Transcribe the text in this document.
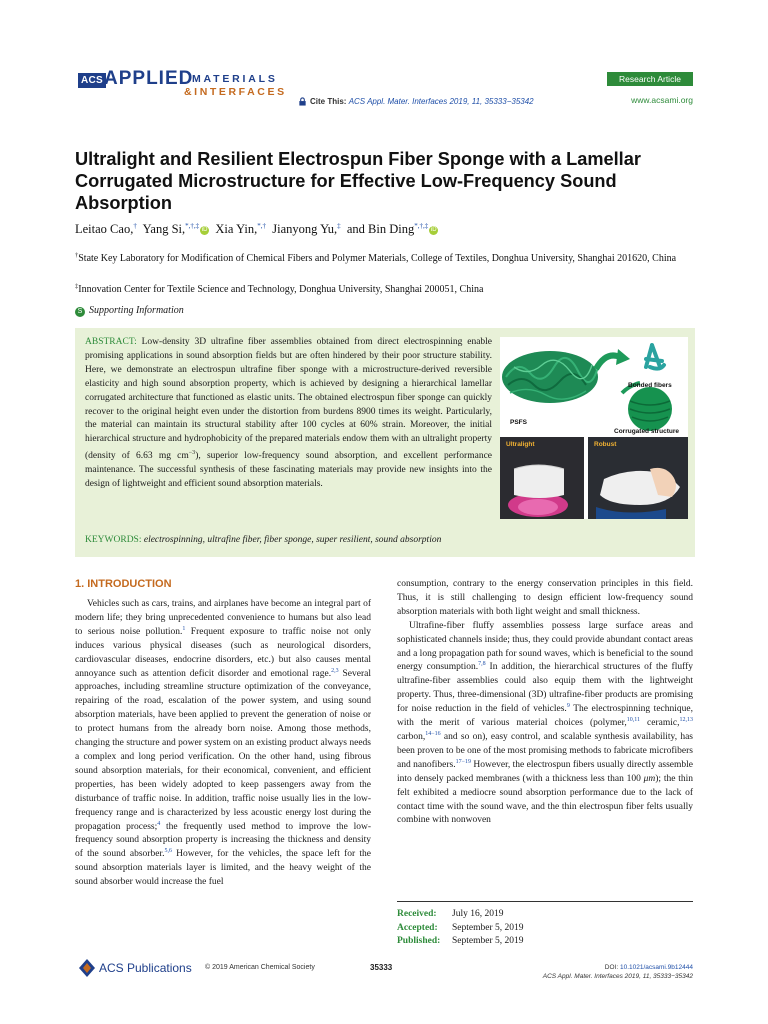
ACS APPLIED
MATERIALS
&INTERFACES
Research Article
Cite This: ACS Appl. Mater. Interfaces 2019, 11, 35333−35342	www.acsami.org
Ultralight and Resilient Electrospun Fiber Sponge with a Lamellar Corrugated Microstructure for Effective Low-Frequency Sound Absorption
Leitao Cao,† Yang Si,*,†,‡ iD Xia Yin,*,† Jianyong Yu,‡ and Bin Ding*,†,‡ iD
†State Key Laboratory for Modification of Chemical Fibers and Polymer Materials, College of Textiles, Donghua University, Shanghai 201620, China
‡Innovation Center for Textile Science and Technology, Donghua University, Shanghai 200051, China
S Supporting Information
ABSTRACT: Low-density 3D ultrafine fiber assemblies obtained from direct electrospinning enable promising applications in sound absorption fields but are often hindered by their poor structure stability. Here, we demonstrate an electrospun ultrafine fiber sponge with a microstructure-derived reversible elasticity and high sound absorption property, which is achieved by designing a hierarchical lamellar corrugated architecture that functioned as elastic units. The obtained electrospun fiber sponge can quickly recover to the original height even under the distortion from burdens 8900 times its weight. Particularly, the material can maintain its structural stability after 100 cycles at 60% strain. Moreover, the initial hierarchical structure and hydrophobicity of the prepared materials endow them with an ultralight property (density of 6.63 mg $cm^{-3}$), superior low-frequency sound absorption, and excellent performance maintenance. The successful synthesis of these fascinating materials may provide new insights into the design of lightweight and efficient sound absorption materials.
PSFS
Bonded fibers
Corrugated structure
Ultralight	Robust
KEYWORDS: electrospinning, ultrafine fiber, fiber sponge, super resilient, sound absorption
1. INTRODUCTION

Vehicles such as cars, trains, and airplanes have become an integral part of modern life; they bring unprecedented convenience to humans but also lead to serious noise pollution.$^1$ Frequent exposure to traffic noise not only induces various physical diseases (such as neurological disorders, cardiovascular diseases, endocrine disorders, etc.) but also causes mental annoyance such as attention deficit disorder and emotional rage.$^{2,3}$ Several approaches, including streamline structure optimization of the conveyance, repairing of the road, escalation of the power system, and using sound absorption materials, have been applied to prevent the generation of noise or to protect humans from the already born noise. Among those methods, changing the structure and power system on an existing product always needs a complex and long period verification. On the other hand, using fibrous sound absorption materials, for their economical, convenient, and efficient properties, has been widely adopted to keep passengers away from the disturbance of traffic noise. In addition, traffic noise usually lies in the low-frequency range and is characterized by less acoustic energy lost during the propagation process;$^4$ the frequently used method to improve the low-frequency sound absorption property is increasing the thickness and density of the sound absorber.$^{5,6}$ However, for the vehicles, the space left for the sound absorption materials layer is limited, and the heavy weight of the sound absorber would increase the fuel

consumption, contrary to the energy conservation principles in this field. Thus, it is still challenging to design efficient low-frequency sound absorption materials with both light weight and small thickness.

Ultrafine-fiber fluffy assemblies possess large surface areas and sophisticated channels inside; thus, they could provide abundant contact areas and a long propagation path for sound waves, which is beneficial to the sound energy consumption.$^{7,8}$ In addition, the hierarchical structures of the fluffy ultrafine-fiber assemblies could also equip them with the lightweight property. Thus, three-dimensional (3D) ultrafine-fiber products are promising for noise reduction in the field of vehicles.$^9$ The electrospinning technique, with the merit of various material choices (polymer,$^{10,11}$ ceramic,$^{12,13}$ carbon,$^{14-16}$ and so on), easy control, and scalable synthesis availability, has been proven to be one of the most promising methods to fabricate microfibers and nanofibers.$^{17-19}$ However, the electrospun fibers usually directly assemble into densely packed membranes (with a thickness less than 100 μm); the thin felt exhibited a mediocre sound absorption performance due to the lack of contact time with the sound wave, and the thin electrospun fiber felts usually combine with nonwoven

Received:	July 16, 2019
Accepted:	September 5, 2019
Published:	September 5, 2019
ACS Publications © 2019 American Chemical Society	35333	DOI: 10.1021/acsami.9b12444
ACS Appl. Mater. Interfaces 2019, 11, 35333−35342
